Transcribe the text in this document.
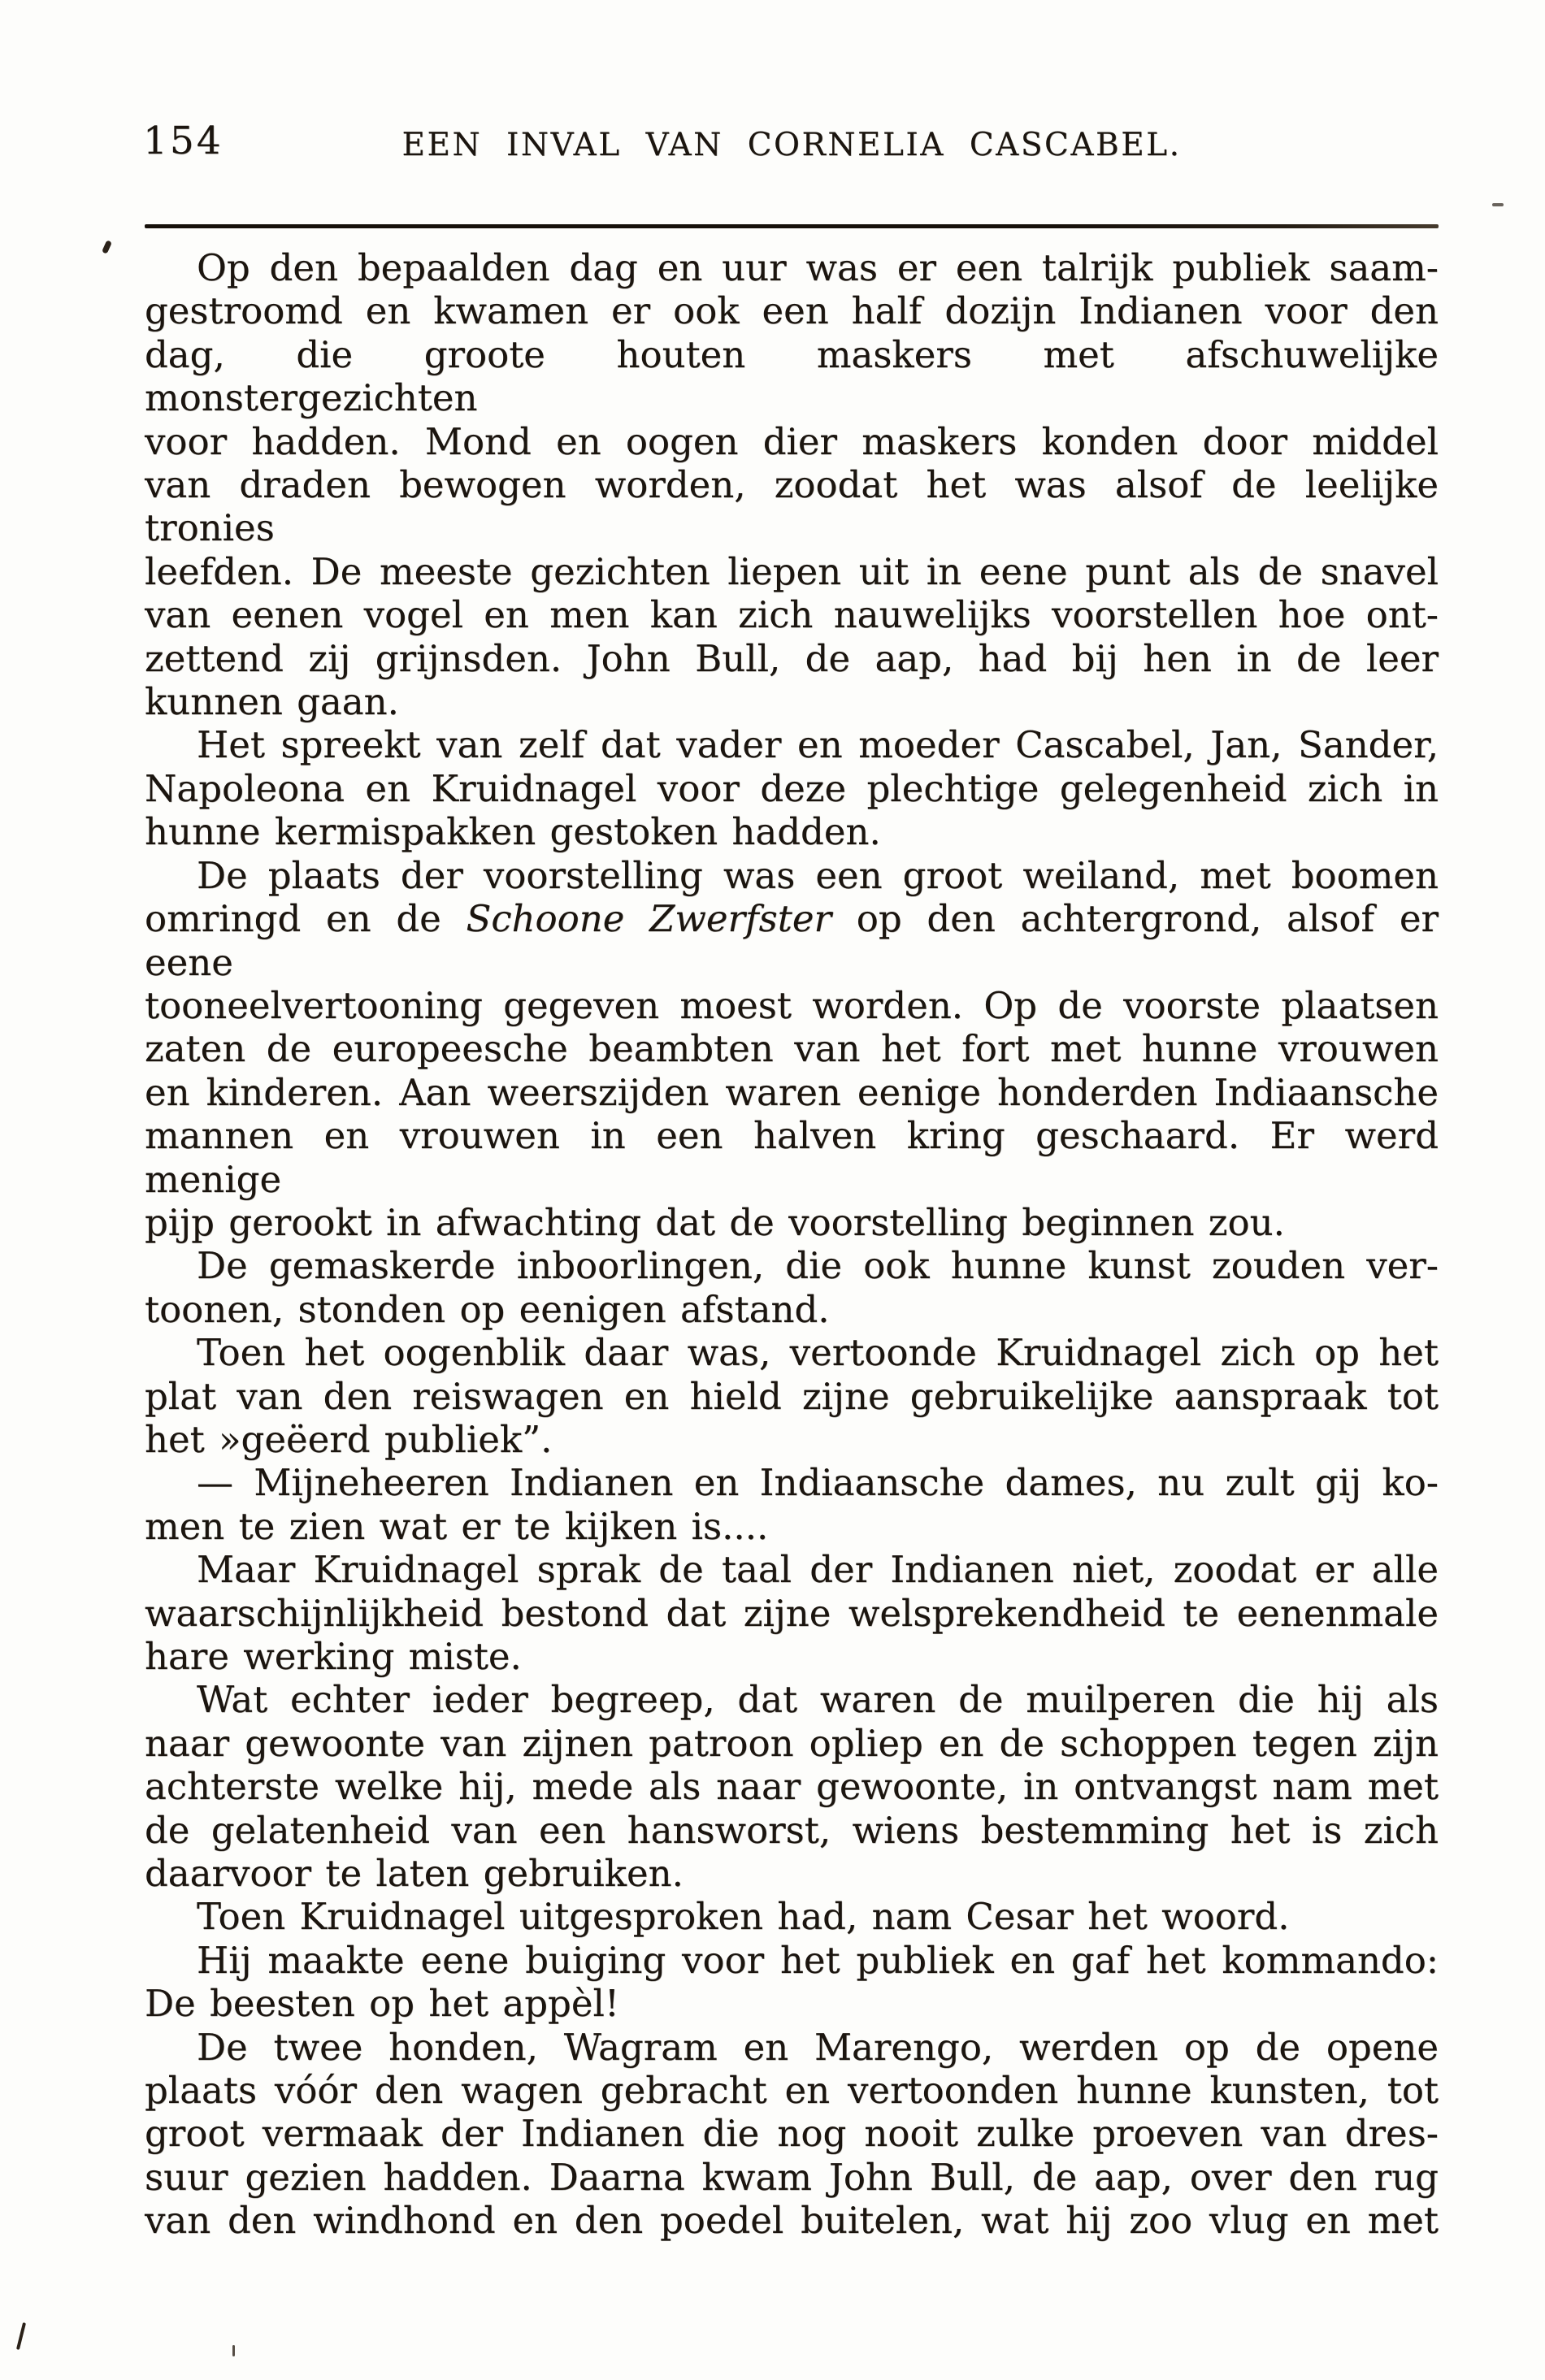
154	EEN INVAL VAN CORNELIA CASCABEL.
Op den bepaalden dag en uur was er een talrijk publiek saam-
gestroomd en kwamen er ook een half dozijn Indianen voor den
dag, die groote houten maskers met afschuwelijke monstergezichten
voor hadden. Mond en oogen dier maskers konden door middel
van draden bewogen worden, zoodat het was alsof de leelijke tronies
leefden. De meeste gezichten liepen uit in eene punt als de snavel
van eenen vogel en men kan zich nauwelijks voorstellen hoe ont-
zettend zij grijnsden. John Bull, de aap, had bij hen in de leer
kunnen gaan.
Het spreekt van zelf dat vader en moeder Cascabel, Jan, Sander,
Napoleona en Kruidnagel voor deze plechtige gelegenheid zich in
hunne kermispakken gestoken hadden.
De plaats der voorstelling was een groot weiland, met boomen
omringd en de Schoone Zwerfster op den achtergrond, alsof er eene
tooneelvertooning gegeven moest worden. Op de voorste plaatsen
zaten de europeesche beambten van het fort met hunne vrouwen
en kinderen. Aan weerszijden waren eenige honderden Indiaansche
mannen en vrouwen in een halven kring geschaard. Er werd menige
pijp gerookt in afwachting dat de voorstelling beginnen zou.
De gemaskerde inboorlingen, die ook hunne kunst zouden ver-
toonen, stonden op eenigen afstand.
Toen het oogenblik daar was, vertoonde Kruidnagel zich op het
plat van den reiswagen en hield zijne gebruikelijke aanspraak tot
het »geëerd publiek”.
— Mijneheeren Indianen en Indiaansche dames, nu zult gij ko-
men te zien wat er te kijken is....
Maar Kruidnagel sprak de taal der Indianen niet, zoodat er alle
waarschijnlijkheid bestond dat zijne welsprekendheid te eenenmale
hare werking miste.
Wat echter ieder begreep, dat waren de muilperen die hij als
naar gewoonte van zijnen patroon opliep en de schoppen tegen zijn
achterste welke hij, mede als naar gewoonte, in ontvangst nam met
de gelatenheid van een hansworst, wiens bestemming het is zich
daarvoor te laten gebruiken.
Toen Kruidnagel uitgesproken had, nam Cesar het woord.
Hij maakte eene buiging voor het publiek en gaf het kommando:
De beesten op het appèl!
De twee honden, Wagram en Marengo, werden op de opene
plaats vóór den wagen gebracht en vertoonden hunne kunsten, tot
groot vermaak der Indianen die nog nooit zulke proeven van dres-
suur gezien hadden. Daarna kwam John Bull, de aap, over den rug
van den windhond en den poedel buitelen, wat hij zoo vlug en met
